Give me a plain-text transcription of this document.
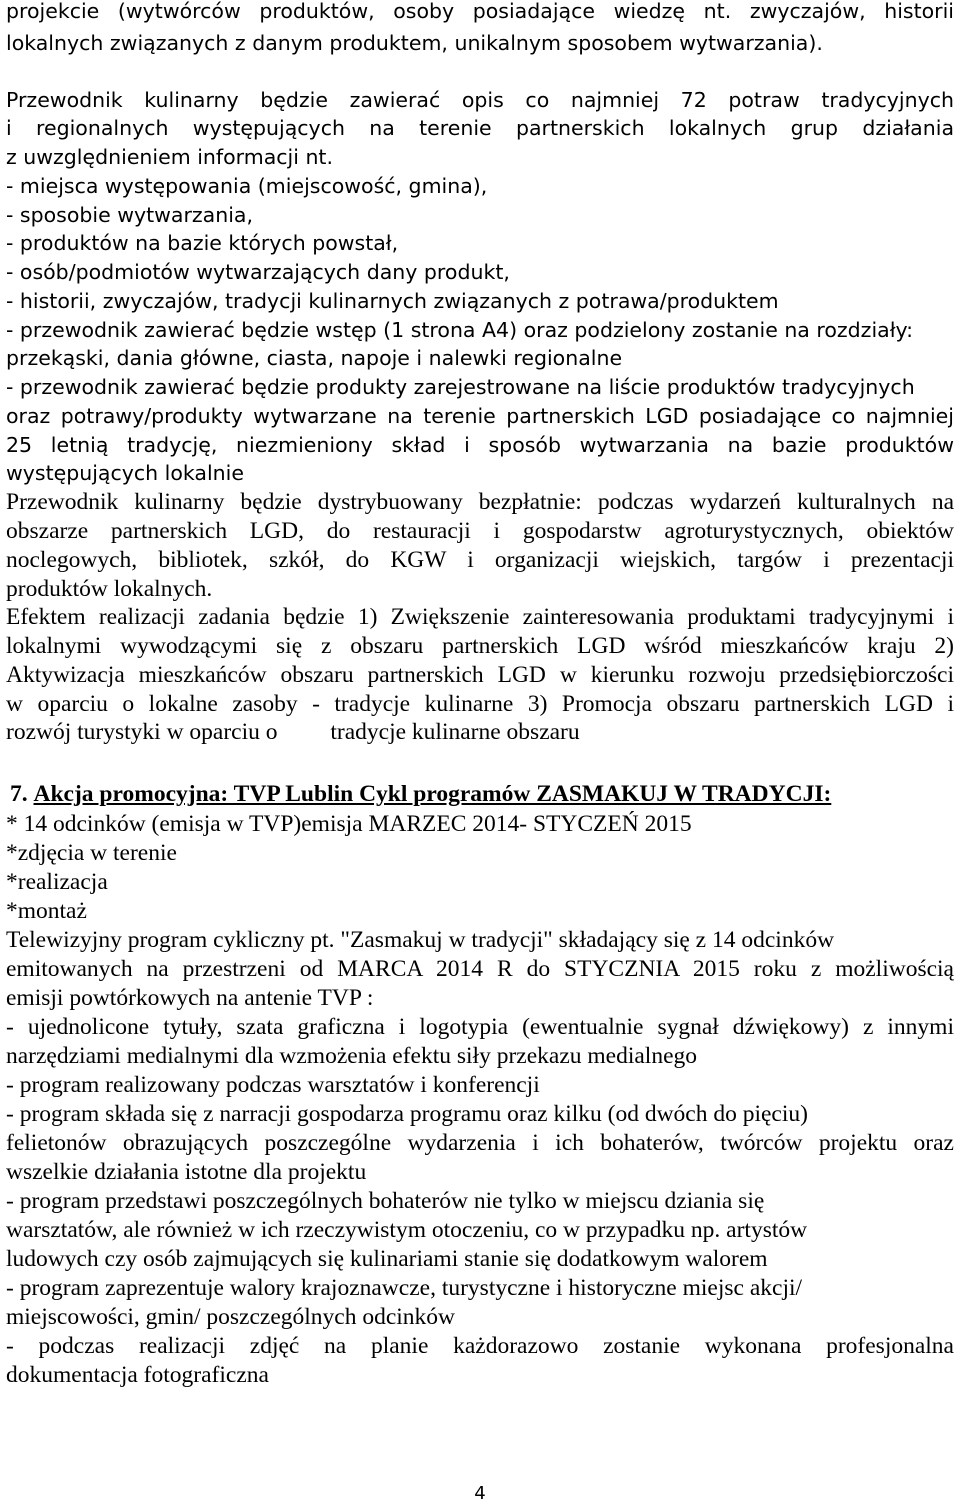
projekcie (wytwórców produktów, osoby posiadające wiedzę nt. zwyczajów, historii
lokalnych związanych z danym produktem, unikalnym sposobem wytwarzania).
Przewodnik kulinarny będzie zawierać opis co najmniej 72 potraw tradycyjnych
i regionalnych występujących na terenie partnerskich lokalnych grup działania
z uwzględnieniem informacji nt.
- miejsca występowania (miejscowość, gmina),
- sposobie wytwarzania,
- produktów na bazie których powstał,
- osób/podmiotów wytwarzających dany produkt,
- historii, zwyczajów, tradycji kulinarnych związanych z potrawa/produktem
- przewodnik zawierać będzie wstęp (1 strona A4) oraz podzielony zostanie na rozdziały:
przekąski, dania główne, ciasta, napoje i nalewki regionalne
- przewodnik zawierać będzie produkty zarejestrowane na liście produktów tradycyjnych
oraz potrawy/produkty wytwarzane na terenie partnerskich LGD posiadające co najmniej
25 letnią tradycję, niezmieniony skład i sposób wytwarzania na bazie produktów
występujących lokalnie
Przewodnik kulinarny będzie dystrybuowany bezpłatnie: podczas wydarzeń kulturalnych na
obszarze partnerskich LGD, do restauracji i gospodarstw agroturystycznych, obiektów
noclegowych, bibliotek, szkół, do KGW i organizacji wiejskich, targów i prezentacji
produktów lokalnych.
Efektem realizacji zadania będzie 1) Zwiększenie zainteresowania produktami tradycyjnymi i
lokalnymi wywodzącymi się z obszaru partnerskich LGD wśród mieszkańców kraju 2)
Aktywizacja mieszkańców obszaru partnerskich LGD w kierunku rozwoju przedsiębiorczości
w oparciu o lokalne zasoby - tradycje kulinarne 3) Promocja obszaru partnerskich LGD i
rozwój turystyki w oparciu o         tradycje kulinarne obszaru
7. Akcja promocyjna: TVP Lublin Cykl programów ZASMAKUJ W TRADYCJI:
* 14 odcinków (emisja w TVP)emisja MARZEC 2014- STYCZEŃ 2015
*zdjęcia w terenie
*realizacja
*montaż
Telewizyjny program cykliczny pt. "Zasmakuj w tradycji" składający się z 14 odcinków
emitowanych na przestrzeni od MARCA 2014 R do STYCZNIA 2015 roku z możliwością
emisji powtórkowych na antenie TVP :
- ujednolicone tytuły, szata graficzna i logotypia (ewentualnie sygnał dźwiękowy) z innymi
narzędziami medialnymi dla wzmożenia efektu siły przekazu medialnego
- program realizowany podczas warsztatów i konferencji
- program składa się z narracji gospodarza programu oraz kilku (od dwóch do pięciu)
felietonów obrazujących poszczególne wydarzenia i ich bohaterów, twórców projektu oraz
wszelkie działania istotne dla projektu
- program przedstawi poszczególnych bohaterów nie tylko w miejscu dziania się
warsztatów, ale również w ich rzeczywistym otoczeniu, co w przypadku np. artystów
ludowych czy osób zajmujących się kulinariami stanie się dodatkowym walorem
- program zaprezentuje walory krajoznawcze, turystyczne i historyczne miejsc akcji/
miejscowości, gmin/ poszczególnych odcinków
- podczas realizacji zdjęć na planie każdorazowo zostanie wykonana profesjonalna
dokumentacja fotograficzna
4
